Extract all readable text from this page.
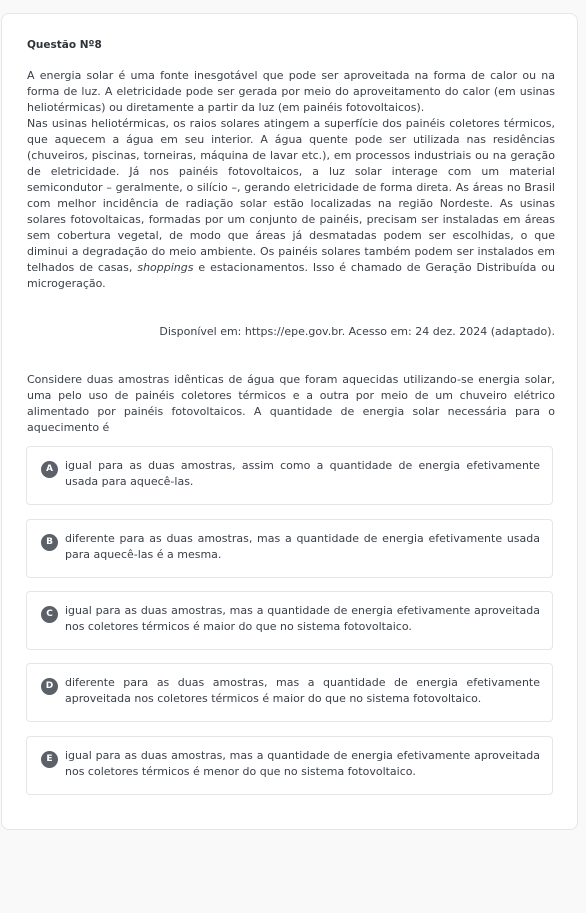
Questão Nº8

A energia solar é uma fonte inesgotável que pode ser aproveitada na forma de calor ou na forma de luz. A eletricidade pode ser gerada por meio do aproveitamento do calor (em usinas heliotérmicas) ou diretamente a partir da luz (em painéis fotovoltaicos).

Nas usinas heliotérmicas, os raios solares atingem a superfície dos painéis coletores térmicos, que aquecem a água em seu interior. A água quente pode ser utilizada nas residências (chuveiros, piscinas, torneiras, máquina de lavar etc.), em processos industriais ou na geração de eletricidade. Já nos painéis fotovoltaicos, a luz solar interage com um material semicondutor – geralmente, o silício –, gerando eletricidade de forma direta. As áreas no Brasil com melhor incidência de radiação solar estão localizadas na região Nordeste. As usinas solares fotovoltaicas, formadas por um conjunto de painéis, precisam ser instaladas em áreas sem cobertura vegetal, de modo que áreas já desmatadas podem ser escolhidas, o que diminui a degradação do meio ambiente. Os painéis solares também podem ser instalados em telhados de casas, shoppings e estacionamentos. Isso é chamado de Geração Distribuída ou microgeração.

Disponível em: https://epe.gov.br. Acesso em: 24 dez. 2024 (adaptado).

Considere duas amostras idênticas de água que foram aquecidas utilizando-se energia solar, uma pelo uso de painéis coletores térmicos e a outra por meio de um chuveiro elétrico alimentado por painéis fotovoltaicos. A quantidade de energia solar necessária para o aquecimento é

A	igual para as duas amostras, assim como a quantidade de energia efetivamente usada para aquecê-las.
B	diferente para as duas amostras, mas a quantidade de energia efetivamente usada para aquecê-las é a mesma.
C	igual para as duas amostras, mas a quantidade de energia efetivamente aproveitada nos coletores térmicos é maior do que no sistema fotovoltaico.
D	diferente para as duas amostras, mas a quantidade de energia efetivamente aproveitada nos coletores térmicos é maior do que no sistema fotovoltaico.
E	igual para as duas amostras, mas a quantidade de energia efetivamente aproveitada nos coletores térmicos é menor do que no sistema fotovoltaico.
